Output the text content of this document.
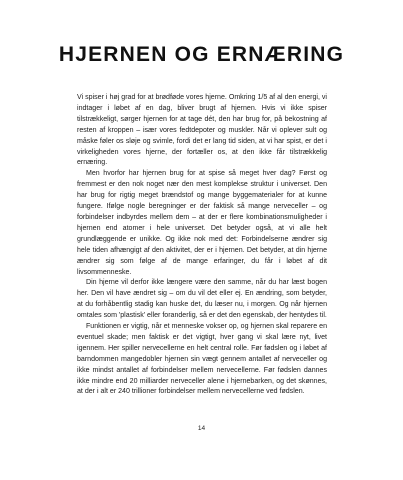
HJERNEN OG ERNÆRING

Vi spiser i høj grad for at brødføde vores hjerne. Omkring 1/5 af al den energi, vi indtager i løbet af en dag, bliver brugt af hjernen. Hvis vi ikke spiser tilstrækkeligt, sørger hjernen for at tage dét, den har brug for, på bekostning af resten af kroppen – især vores fedtdepoter og muskler. Når vi oplever sult og måske føler os sløje og svimle, fordi det er lang tid siden, at vi har spist, er det i virkeligheden vores hjerne, der fortæller os, at den ikke får tilstrækkelig ernæring.

Men hvorfor har hjernen brug for at spise så meget hver dag? Først og fremmest er den nok noget nær den mest komplekse struktur i universet. Den har brug for rigtig meget brændstof og mange byggematerialer for at kunne fungere. Ifølge nogle beregninger er der faktisk så mange nerveceller – og forbindelser indbyrdes mellem dem – at der er flere kombinationsmuligheder i hjernen end atomer i hele universet. Det betyder også, at vi alle helt grundlæggende er unikke. Og ikke nok med det: Forbindelserne ændrer sig hele tiden afhængigt af den aktivitet, der er i hjernen. Det betyder, at din hjerne ændrer sig som følge af de mange erfaringer, du får i løbet af dit livsommenneske.

Din hjerne vil derfor ikke længere være den samme, når du har læst bogen her. Den vil have ændret sig – om du vil det eller ej. En ændring, som betyder, at du forhåbentlig stadig kan huske det, du læser nu, i morgen. Og når hjernen omtales som 'plastisk' eller foranderlig, så er det den egenskab, der hentydes til.

Funktionen er vigtig, når et menneske vokser op, og hjernen skal reparere en eventuel skade; men faktisk er det vigtigt, hver gang vi skal lære nyt, livet igennem. Her spiller nervecellerne en helt central rolle. Før fødslen og i løbet af barndommen mangedobler hjernen sin vægt gennem antallet af nerveceller og ikke mindst antallet af forbindelser mellem nervecellerne. Før fødslen dannes ikke mindre end 20 milliarder nerveceller alene i hjernebarken, og det skønnes, at der i alt er 240 trillioner forbindelser mellem nervecellerne ved fødslen.

14
